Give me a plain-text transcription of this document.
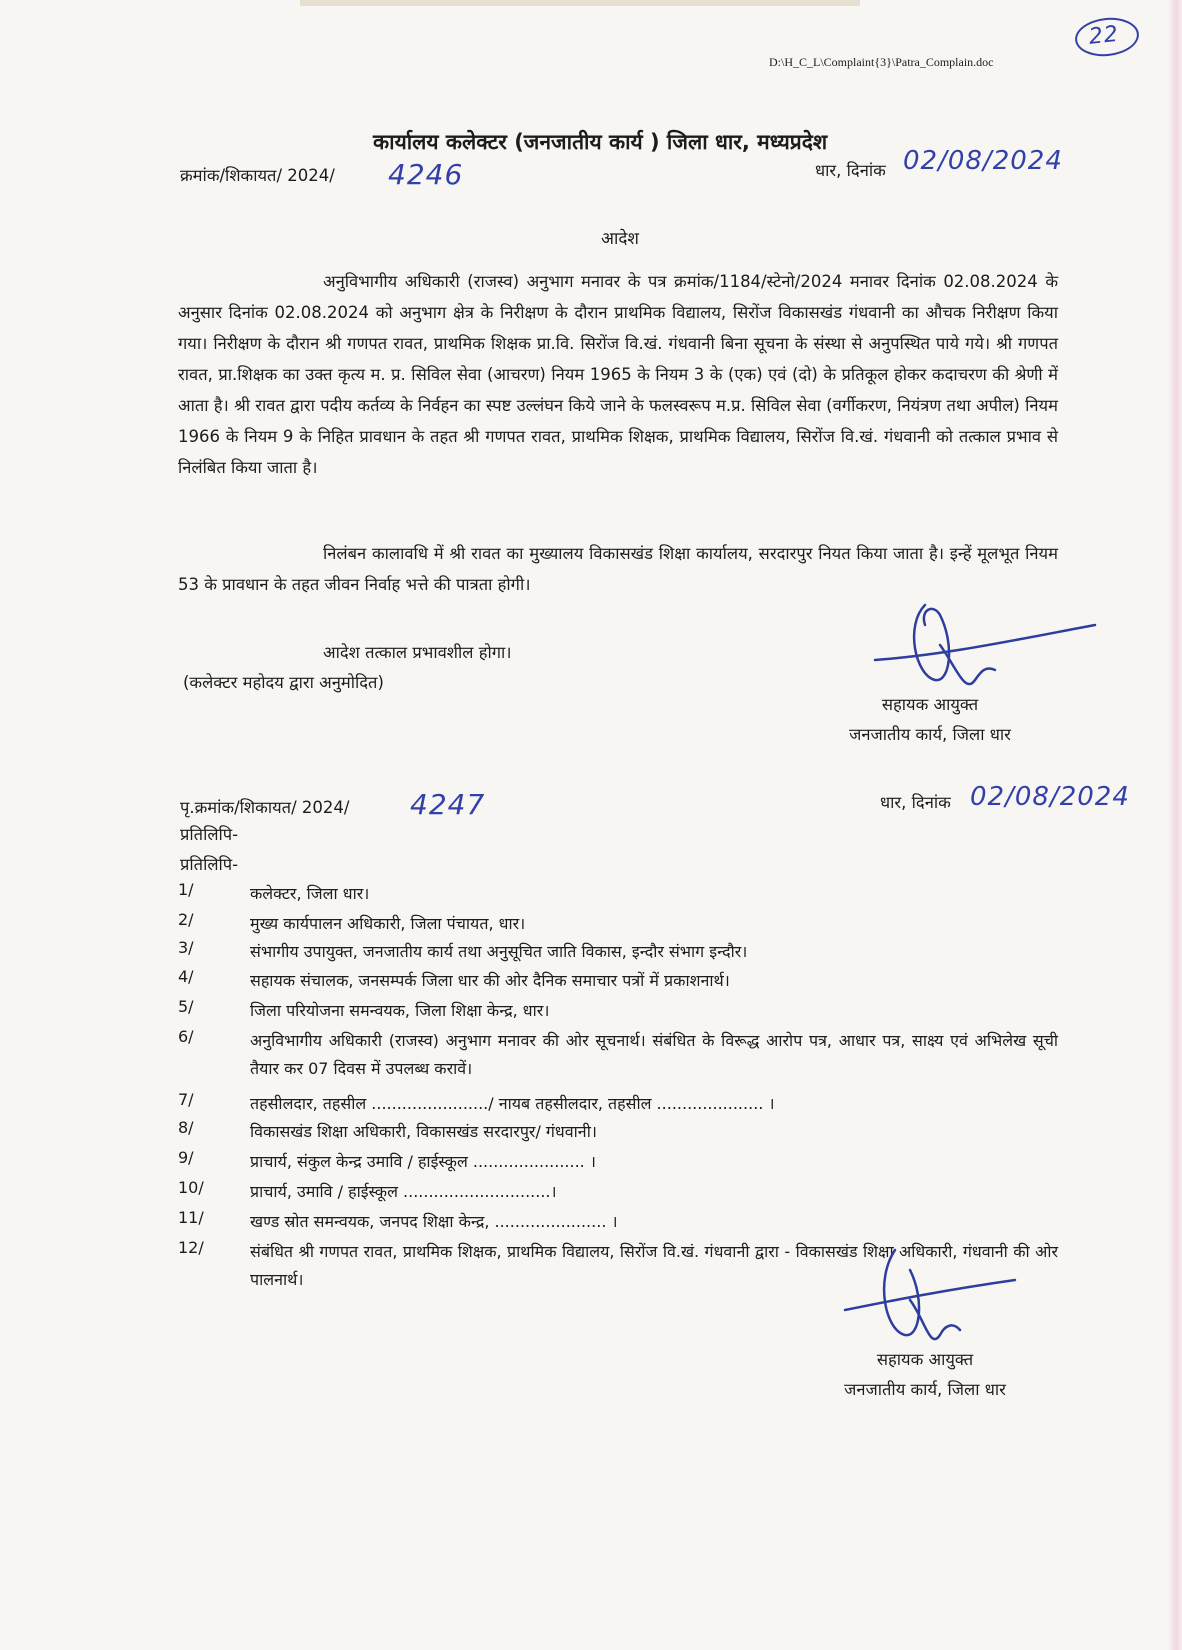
22
D:\H_C_L\Complaint{3}\Patra_Complain.doc
कार्यालय कलेक्टर (जनजातीय कार्य ) जिला धार, मध्यप्रदेश
क्रमांक/शिकायत/ 2024/ 4246	धार, दिनांक 02/08/2024
आदेश
अनुविभागीय अधिकारी (राजस्व) अनुभाग मनावर के पत्र क्रमांक/1184/स्टेनो/2024 मनावर दिनांक 02.08.2024 के अनुसार दिनांक 02.08.2024 को अनुभाग क्षेत्र के निरीक्षण के दौरान प्राथमिक विद्यालय, सिरोंज विकासखंड गंधवानी का औचक निरीक्षण किया गया। निरीक्षण के दौरान श्री गणपत रावत, प्राथमिक शिक्षक प्रा.वि. सिरोंज वि.खं. गंधवानी बिना सूचना के संस्था से अनुपस्थित पाये गये। श्री गणपत रावत, प्रा.शिक्षक का उक्त कृत्य म. प्र. सिविल सेवा (आचरण) नियम 1965 के नियम 3 के (एक) एवं (दो) के प्रतिकूल होकर कदाचरण की श्रेणी में आता है। श्री रावत द्वारा पदीय कर्तव्य के निर्वहन का स्पष्ट उल्लंघन किये जाने के फलस्वरूप म.प्र. सिविल सेवा (वर्गीकरण, नियंत्रण तथा अपील) नियम 1966 के नियम 9 के निहित प्रावधान के तहत श्री गणपत रावत, प्राथमिक शिक्षक, प्राथमिक विद्यालय, सिरोंज वि.खं. गंधवानी को तत्काल प्रभाव से निलंबित किया जाता है।
निलंबन कालावधि में श्री रावत का मुख्यालय विकासखंड शिक्षा कार्यालय, सरदारपुर नियत किया जाता है। इन्हें मूलभूत नियम 53 के प्रावधान के तहत जीवन निर्वाह भत्ते की पात्रता होगी।
आदेश तत्काल प्रभावशील होगा।
(कलेक्टर महोदय द्वारा अनुमोदित)
सहायक आयुक्त
जनजातीय कार्य, जिला धार
पृ.क्रमांक/शिकायत/ 2024/ 4247	धार, दिनांक 02/08/2024
प्रतिलिपि-
प्रतिलिपि-
1/	कलेक्टर, जिला धार।
2/	मुख्य कार्यपालन अधिकारी, जिला पंचायत, धार।
3/	संभागीय उपायुक्त, जनजातीय कार्य तथा अनुसूचित जाति विकास, इन्दौर संभाग इन्दौर।
4/	सहायक संचालक, जनसम्पर्क जिला धार की ओर दैनिक समाचार पत्रों में प्रकाशनार्थ।
5/	जिला परियोजना समन्वयक, जिला शिक्षा केन्द्र, धार।
6/	अनुविभागीय अधिकारी (राजस्व) अनुभाग मनावर की ओर सूचनार्थ। संबंधित के विरूद्ध आरोप पत्र, आधार पत्र, साक्ष्य एवं अभिलेख सूची तैयार कर 07 दिवस में उपलब्ध करावें।
7/	तहसीलदार, तहसील ......................./ नायब तहसीलदार, तहसील ..................... ।
8/	विकासखंड शिक्षा अधिकारी, विकासखंड सरदारपुर/ गंधवानी।
9/	प्राचार्य, संकुल केन्द्र उमावि / हाईस्कूल ...................... ।
10/	प्राचार्य, उमावि / हाईस्कूल .............................।
11/	खण्ड स्रोत समन्वयक, जनपद शिक्षा केन्द्र, ...................... ।
12/	संबंधित श्री गणपत रावत, प्राथमिक शिक्षक, प्राथमिक विद्यालय, सिरोंज वि.खं. गंधवानी द्वारा - विकासखंड शिक्षा अधिकारी, गंधवानी की ओर पालनार्थ।
सहायक आयुक्त
जनजातीय कार्य, जिला धार
